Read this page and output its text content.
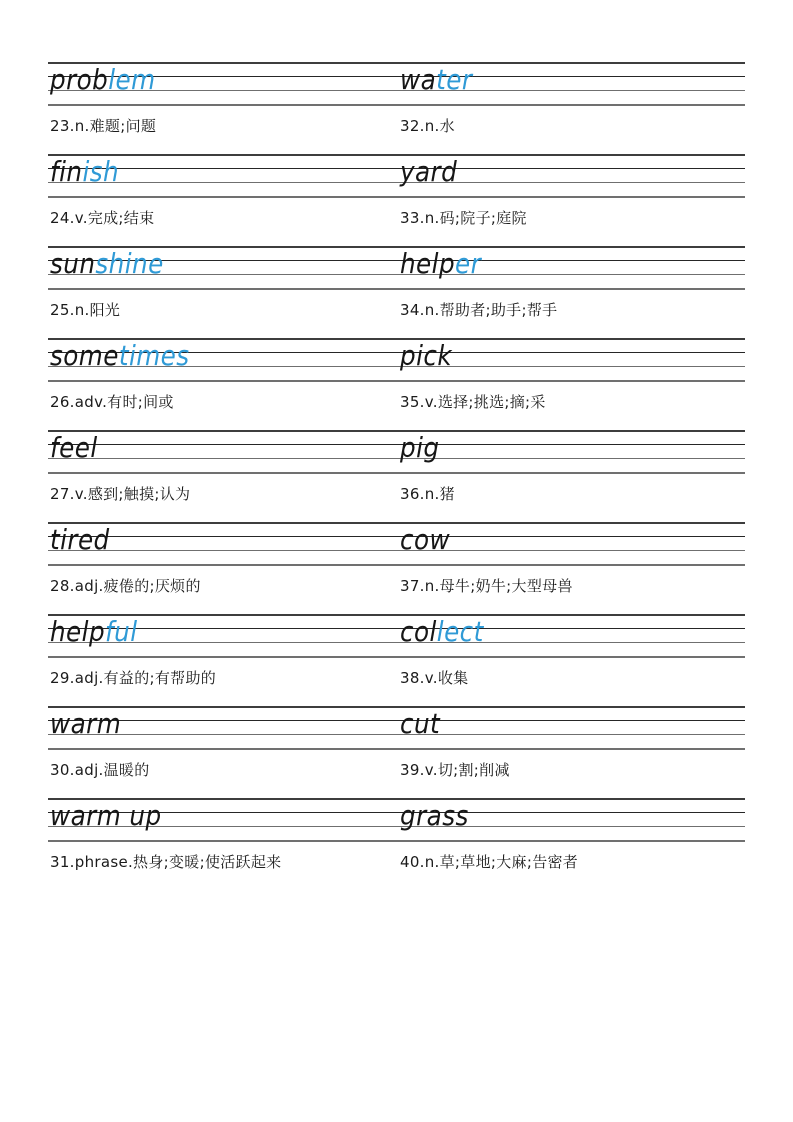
problem
23.n.难题;问题
water
32.n.水
finish
24.v.完成;结束
yard
33.n.码;院子;庭院
sunshine
25.n.阳光
helper
34.n.帮助者;助手;帮手
sometimes
26.adv.有时;间或
pick
35.v.选择;挑选;摘;采
feel
27.v.感到;触摸;认为
pig
36.n.猪
tired
28.adj.疲倦的;厌烦的
cow
37.n.母牛;奶牛;大型母兽
helpful
29.adj.有益的;有帮助的
collect
38.v.收集
warm
30.adj.温暖的
cut
39.v.切;割;削减
warm up
31.phrase.热身;变暖;使活跃起来
grass
40.n.草;草地;大麻;告密者
